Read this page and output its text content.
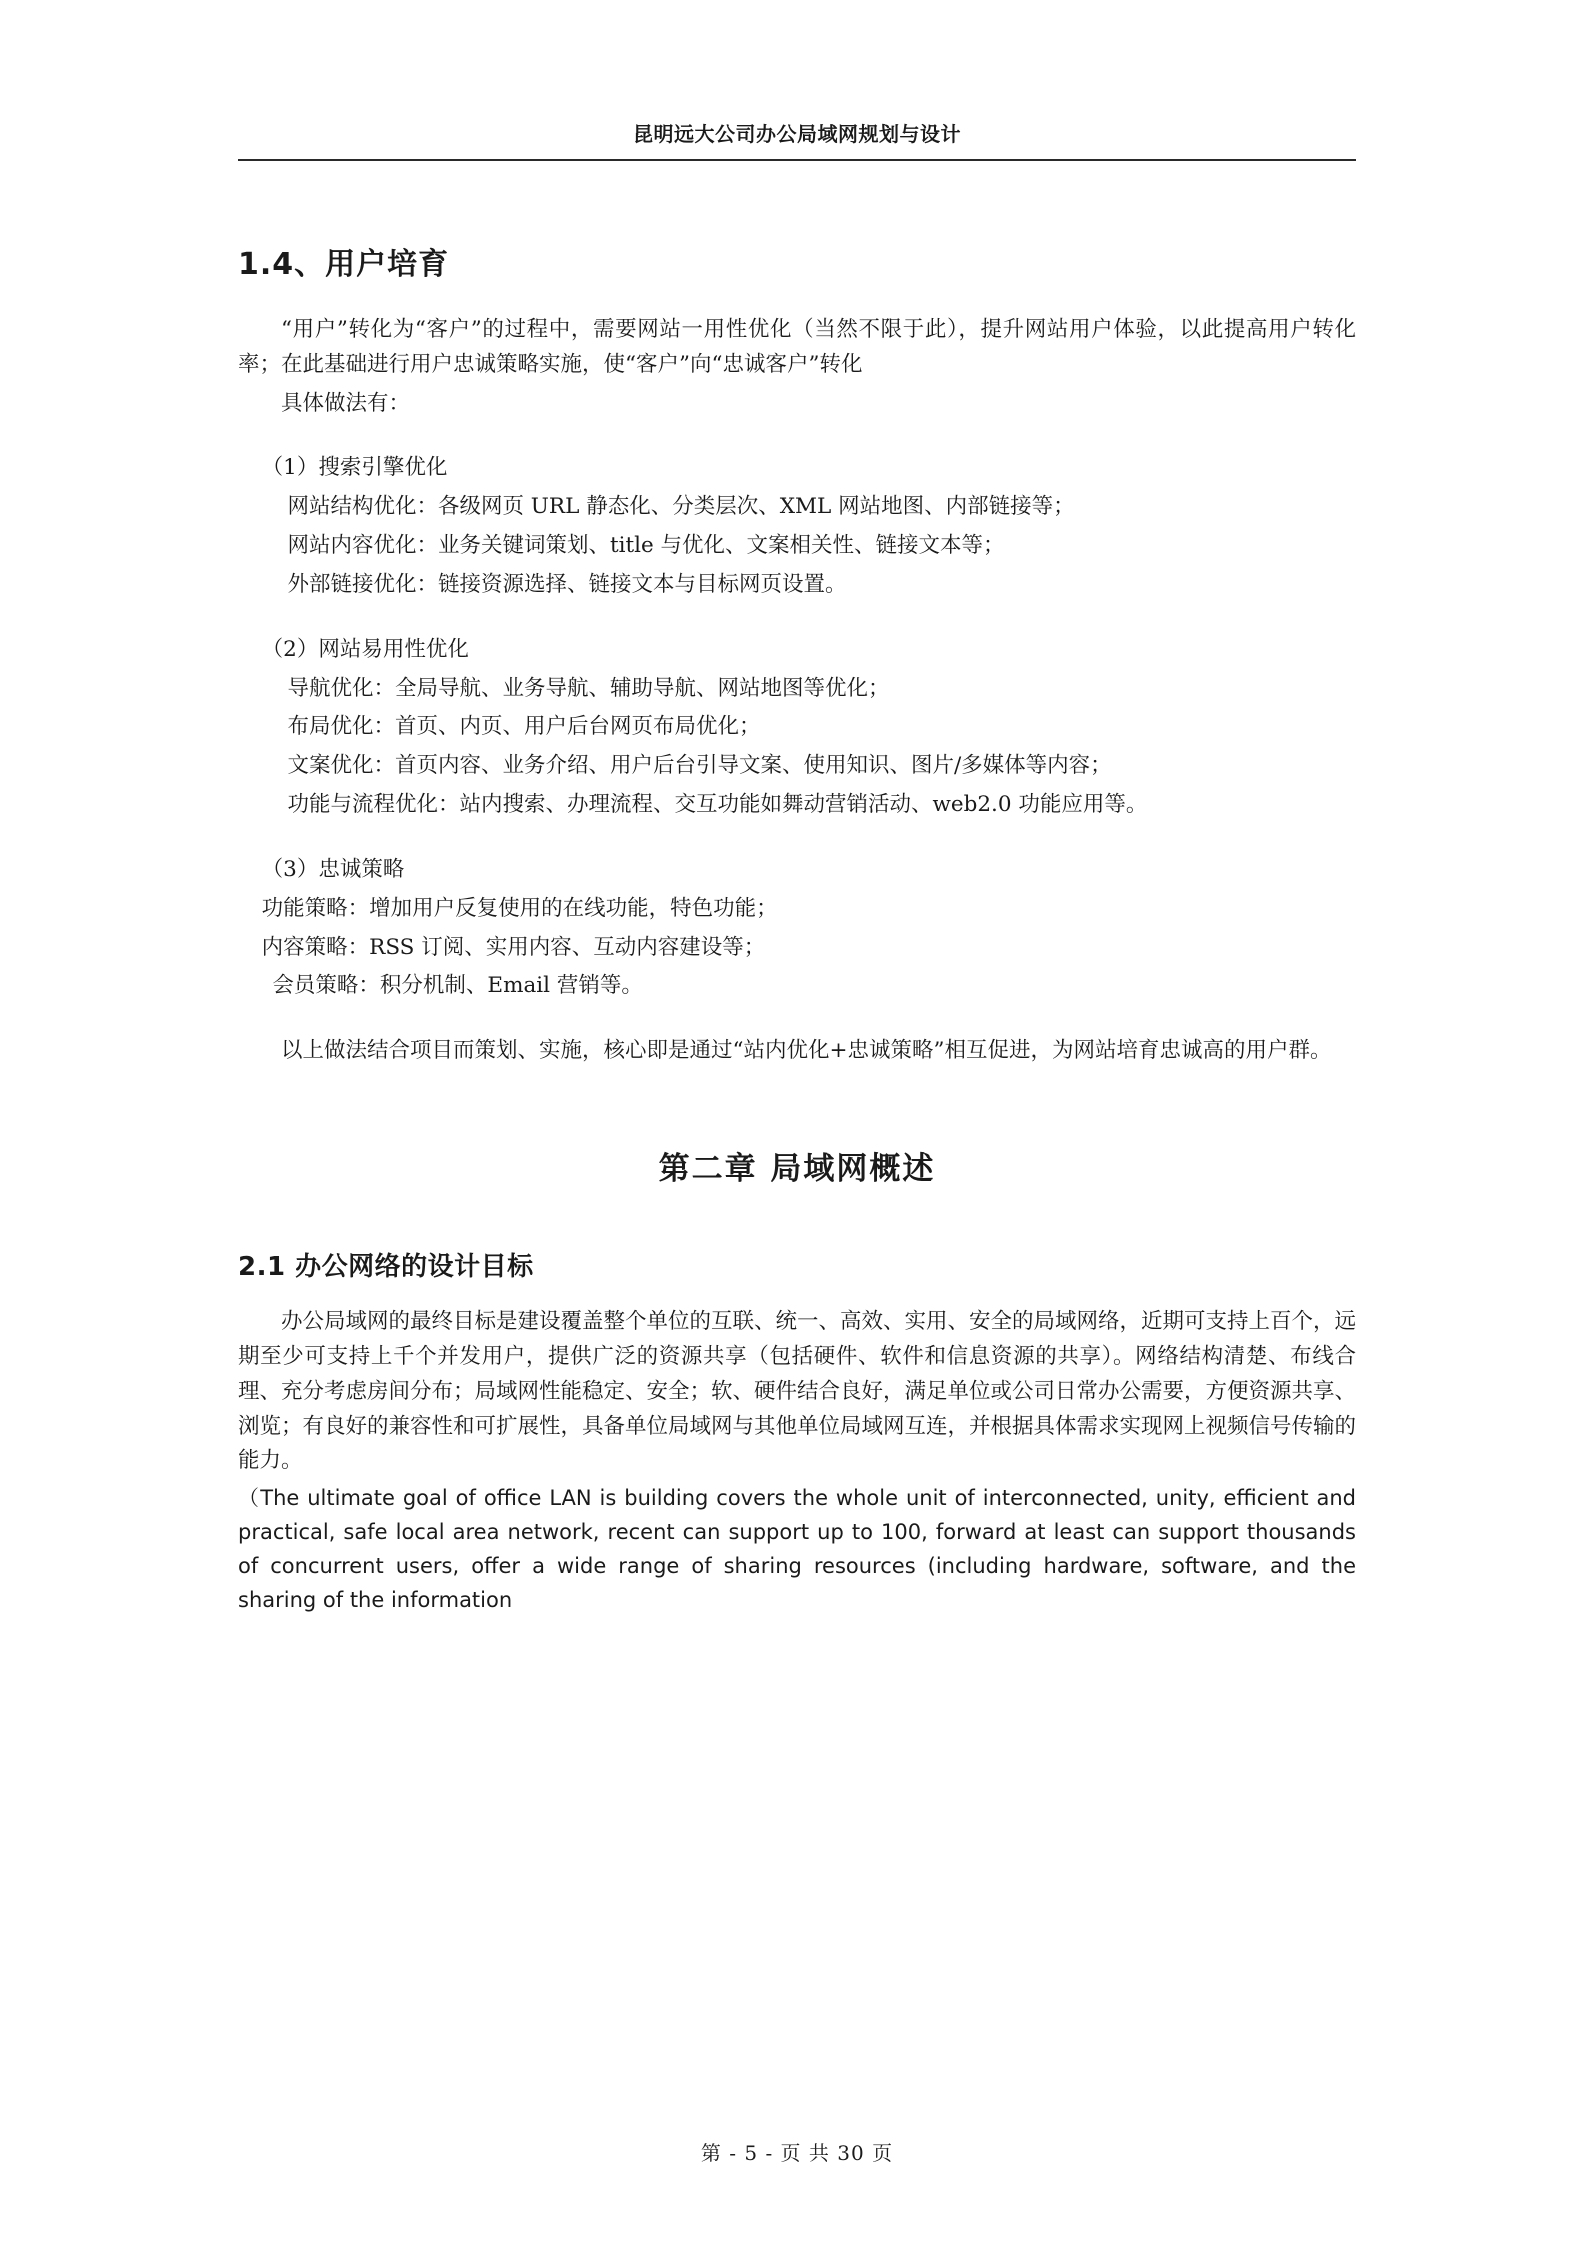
昆明远大公司办公局域网规划与设计
1.4、用户培育

“用户”转化为“客户”的过程中，需要网站一用性优化（当然不限于此），提升网站用户体验，以此提高用户转化率；在此基础进行用户忠诚策略实施，使“客户”向“忠诚客户”转化

具体做法有：

（1）搜索引擎优化

网站结构优化：各级网页 URL 静态化、分类层次、XML 网站地图、内部链接等；

网站内容优化：业务关键词策划、title 与优化、文案相关性、链接文本等；

外部链接优化：链接资源选择、链接文本与目标网页设置。

（2）网站易用性优化

导航优化：全局导航、业务导航、辅助导航、网站地图等优化；

布局优化：首页、内页、用户后台网页布局优化；

文案优化：首页内容、业务介绍、用户后台引导文案、使用知识、图片/多媒体等内容；

功能与流程优化：站内搜索、办理流程、交互功能如舞动营销活动、web2.0 功能应用等。

（3）忠诚策略

功能策略：增加用户反复使用的在线功能，特色功能；

内容策略：RSS 订阅、实用内容、互动内容建设等；

会员策略：积分机制、Email 营销等。

以上做法结合项目而策划、实施，核心即是通过“站内优化+忠诚策略”相互促进，为网站培育忠诚高的用户群。

第二章 局域网概述
2.1 办公网络的设计目标

办公局域网的最终目标是建设覆盖整个单位的互联、统一、高效、实用、安全的局域网络，近期可支持上百个，远期至少可支持上千个并发用户，提供广泛的资源共享（包括硬件、软件和信息资源的共享）。网络结构清楚、布线合理、充分考虑房间分布；局域网性能稳定、安全；软、硬件结合良好，满足单位或公司日常办公需要，方便资源共享、浏览；有良好的兼容性和可扩展性，具备单位局域网与其他单位局域网互连，并根据具体需求实现网上视频信号传输的能力。

（The ultimate goal of office LAN is building covers the whole unit of interconnected, unity, efficient and practical, safe local area network, recent can support up to 100, forward at least can support thousands of concurrent users, offer a wide range of sharing resources (including hardware, software, and the sharing of the information

第 - 5 - 页 共 30 页
